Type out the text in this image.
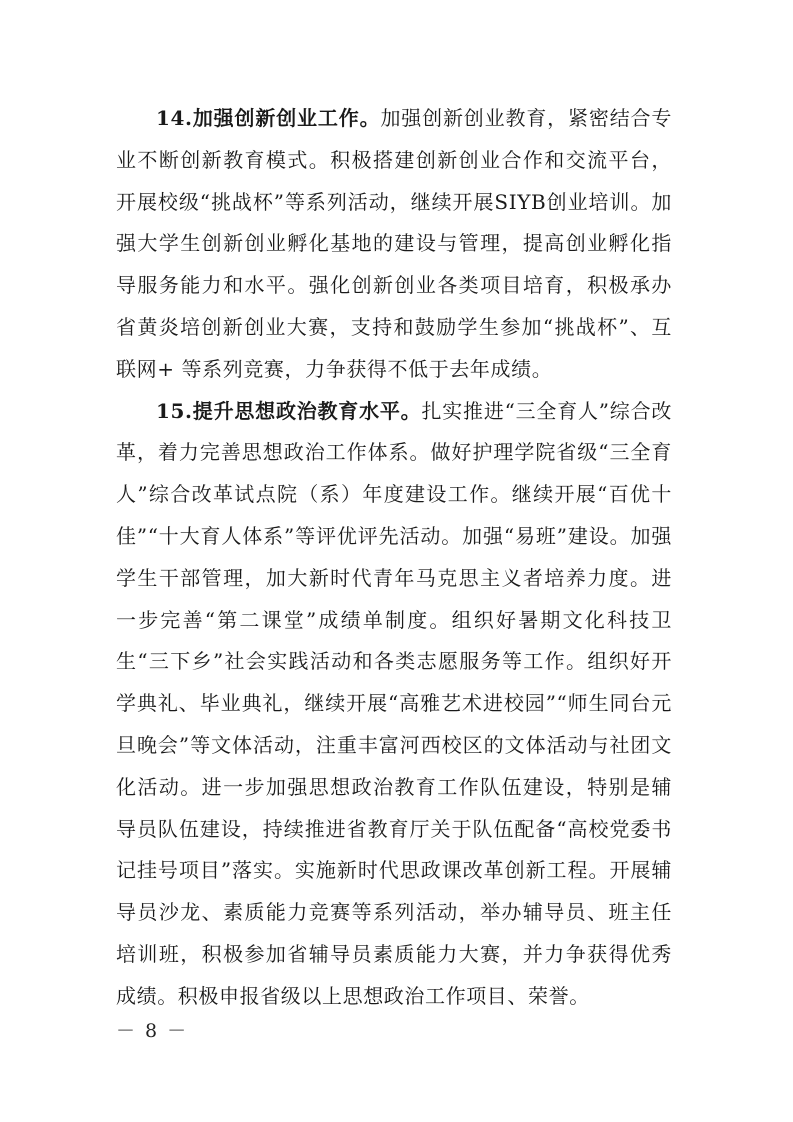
14.加强创新创业工作。加强创新创业教育，紧密结合专业不断创新教育模式。积极搭建创新创业合作和交流平台，开展校级“挑战杯”等系列活动，继续开展SIYB创业培训。加强大学生创新创业孵化基地的建设与管理，提高创业孵化指导服务能力和水平。强化创新创业各类项目培育，积极承办省黄炎培创新创业大赛，支持和鼓励学生参加“挑战杯”、互联网+ 等系列竞赛，力争获得不低于去年成绩。

15.提升思想政治教育水平。扎实推进“三全育人”综合改革，着力完善思想政治工作体系。做好护理学院省级“三全育人”综合改革试点院（系）年度建设工作。继续开展“百优十佳”“十大育人体系”等评优评先活动。加强“易班”建设。加强学生干部管理，加大新时代青年马克思主义者培养力度。进一步完善“第二课堂”成绩单制度。组织好暑期文化科技卫生“三下乡”社会实践活动和各类志愿服务等工作。组织好开学典礼、毕业典礼，继续开展“高雅艺术进校园”“师生同台元旦晚会”等文体活动，注重丰富河西校区的文体活动与社团文化活动。进一步加强思想政治教育工作队伍建设，特别是辅导员队伍建设，持续推进省教育厅关于队伍配备“高校党委书记挂号项目”落实。实施新时代思政课改革创新工程。开展辅导员沙龙、素质能力竞赛等系列活动，举办辅导员、班主任培训班，积极参加省辅导员素质能力大赛，并力争获得优秀成绩。积极申报省级以上思想政治工作项目、荣誉。

－ 8 －
